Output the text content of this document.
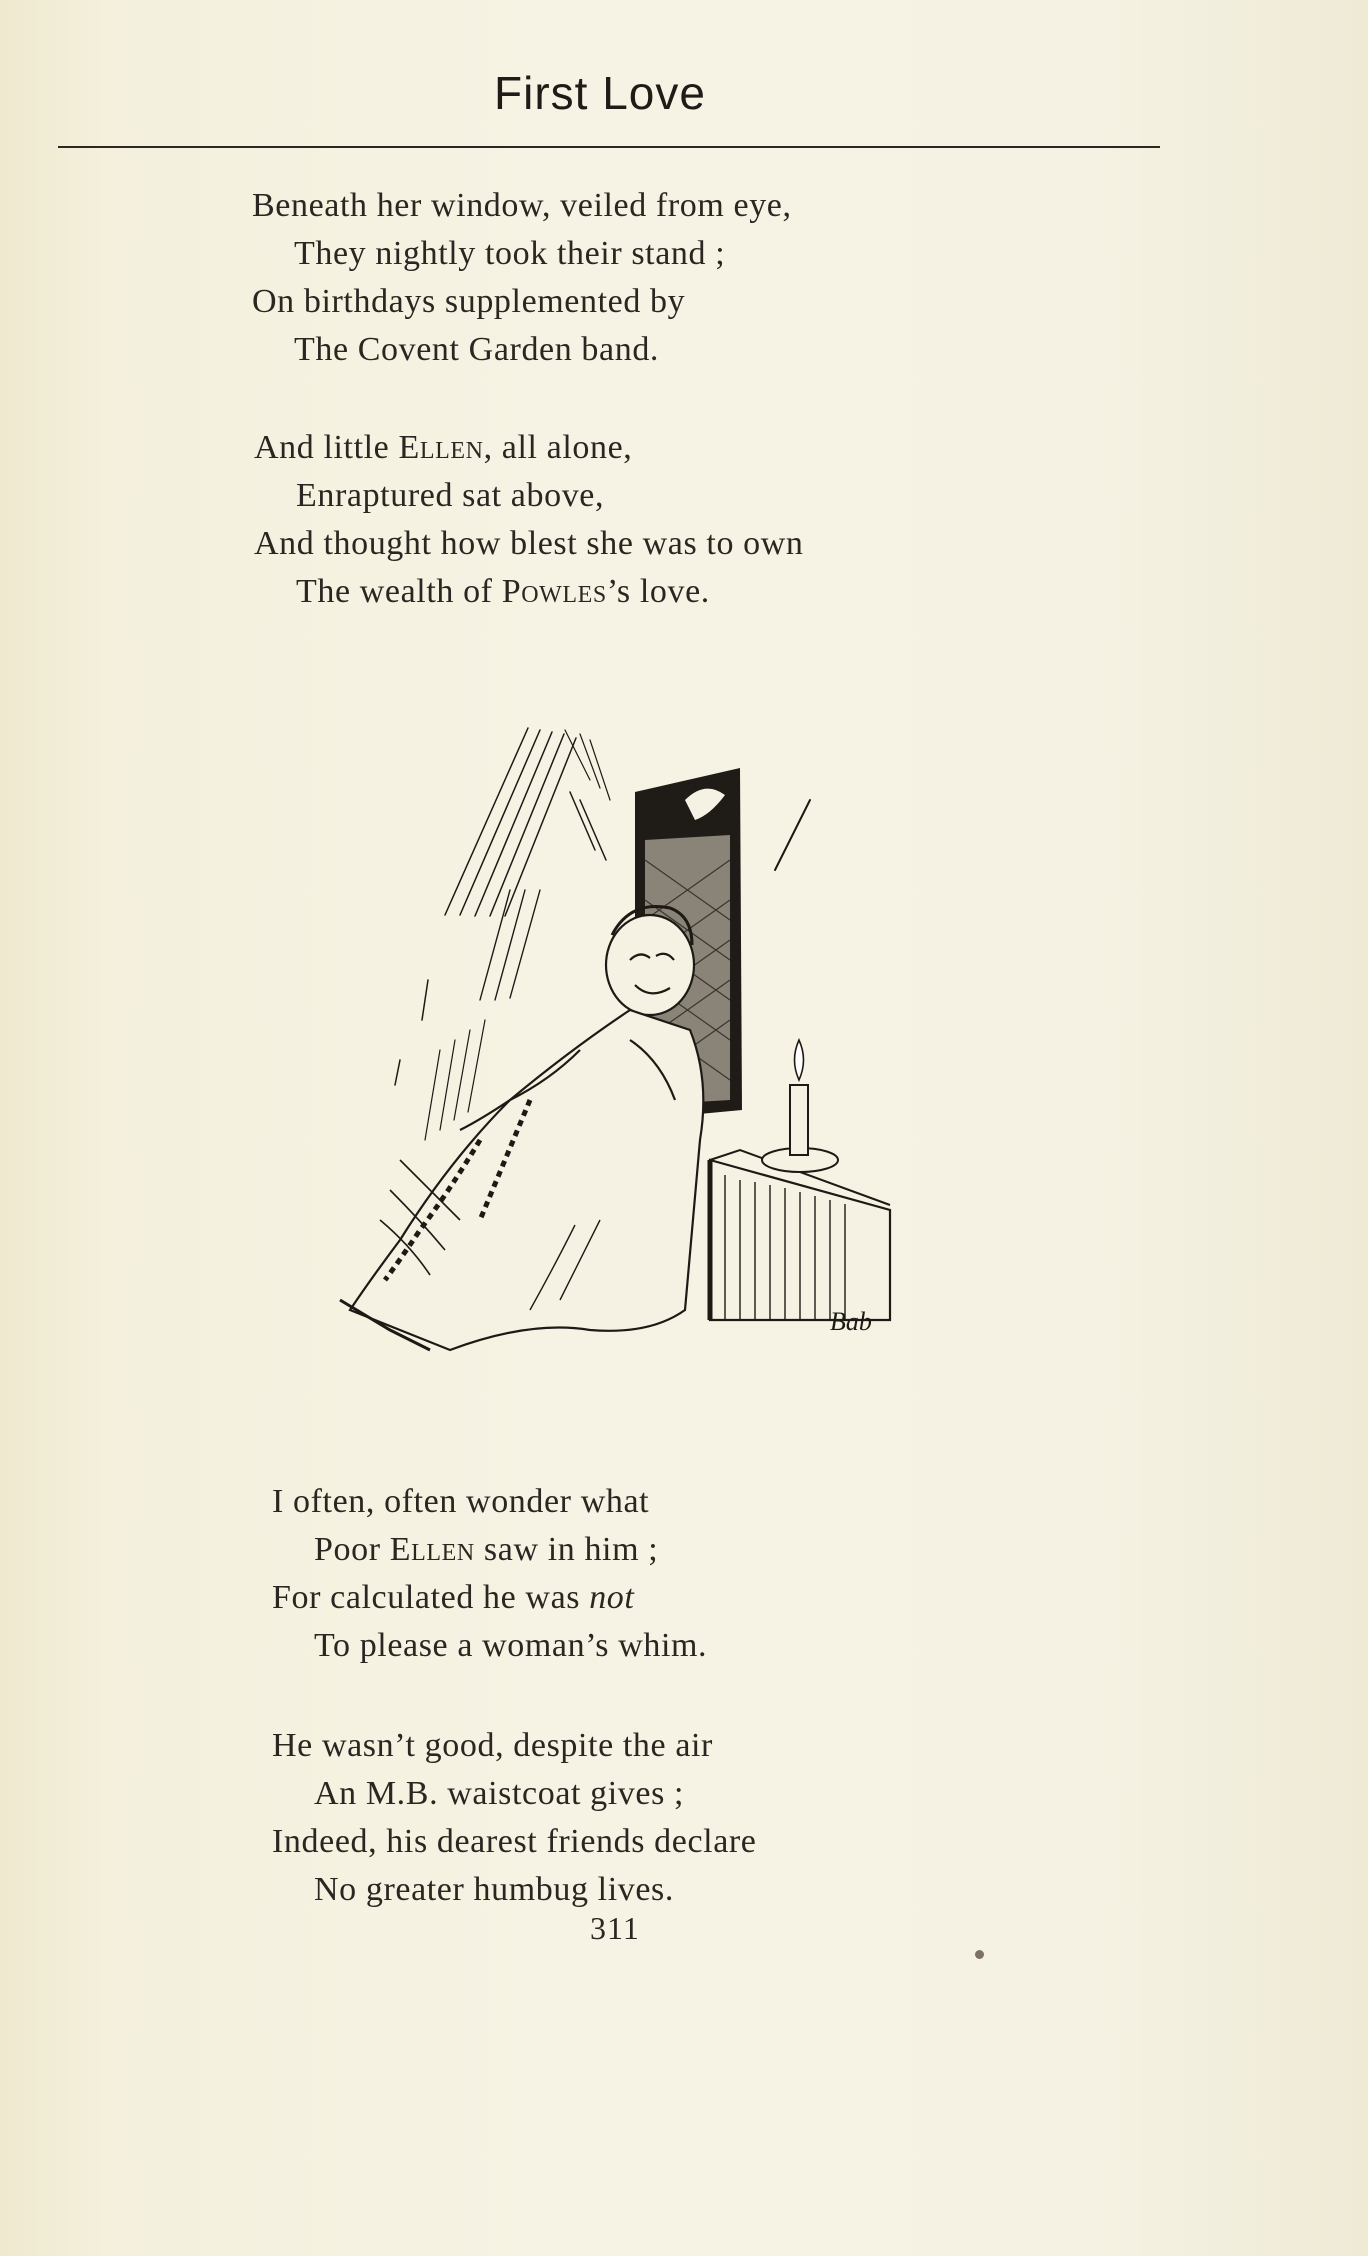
First Love
Beneath her window, veiled from eye,
They nightly took their stand ;
On birthdays supplemented by
The Covent Garden band.
And little Ellen, all alone,
Enraptured sat above,
And thought how blest she was to own
The wealth of Powles’s love.
Bab
I often, often wonder what
Poor Ellen saw in him ;
For calculated he was not
To please a woman’s whim.
He wasn’t good, despite the air
An M.B. waistcoat gives ;
Indeed, his dearest friends declare
No greater humbug lives.
311
